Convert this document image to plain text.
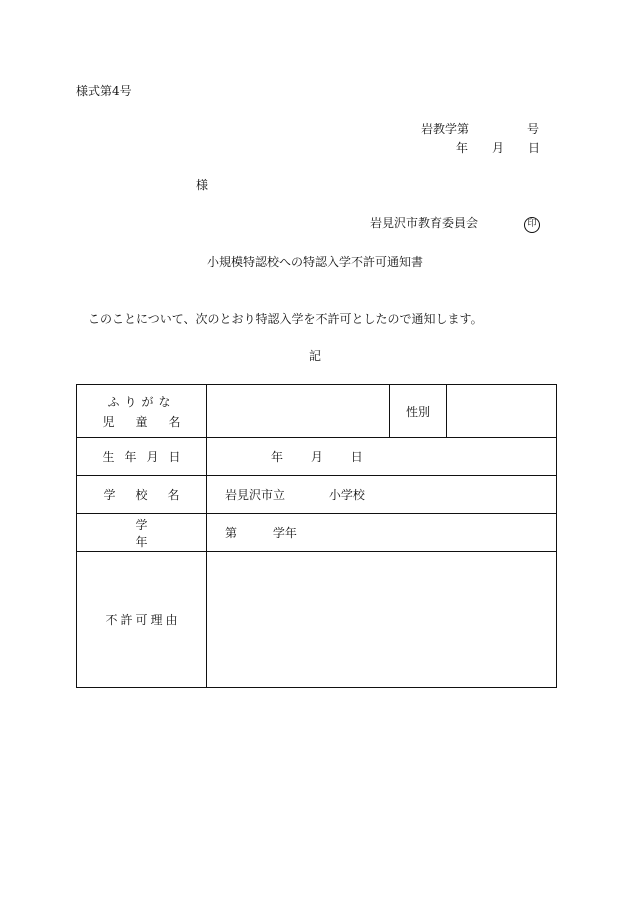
様式第4号
岩教学第	号
年 月 日
様
岩見沢市教育委員会	印
小規模特認校への特認入学不許可通知書
このことについて、次のとおり特認入学を不許可としたので通知します。
記
ふりがな
児童名		性別	
生年月日	年 月 日		
学校名	岩見沢市立 小学校		
学年	第 学年		
不許可理由			
